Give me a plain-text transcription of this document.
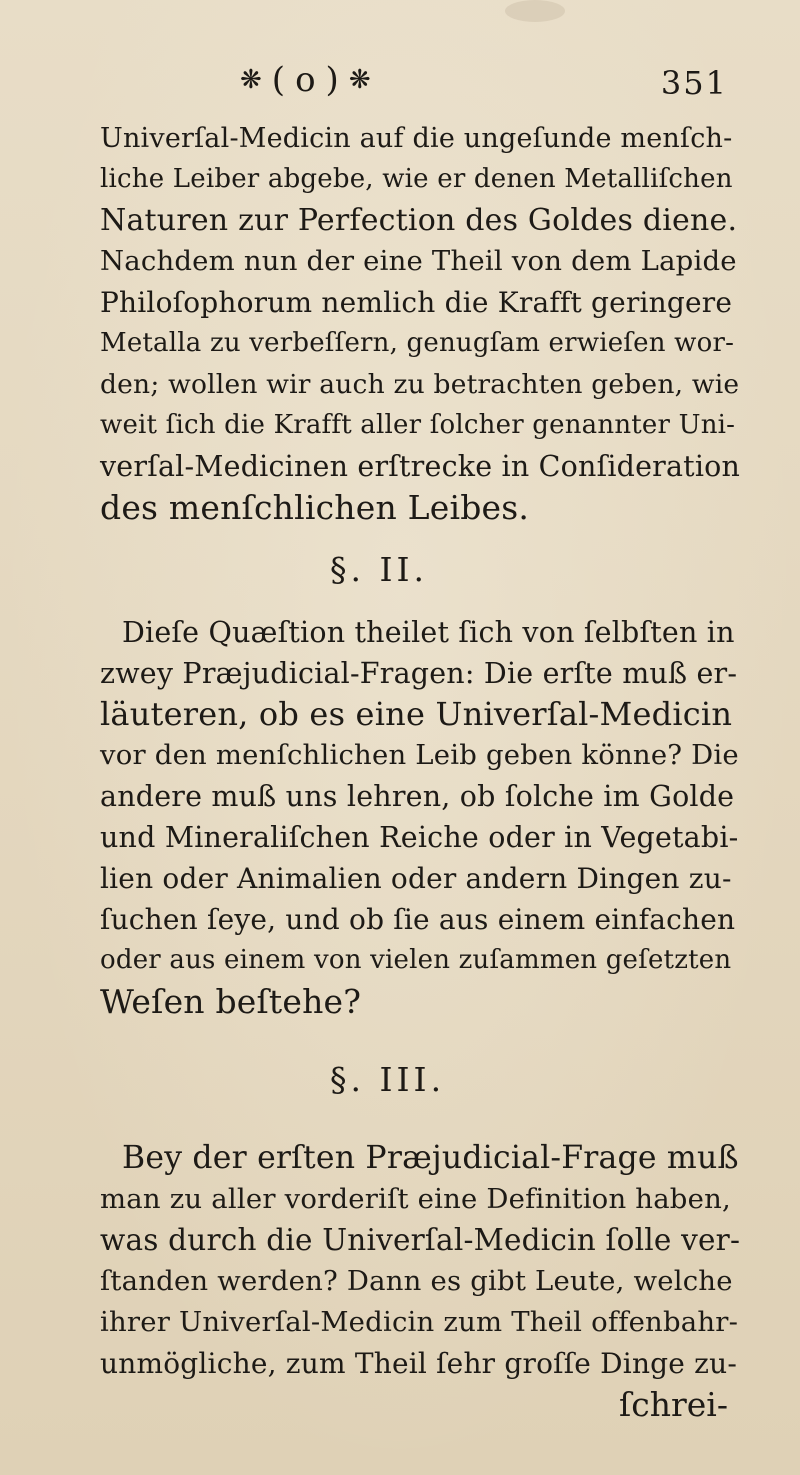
❋ ( o ) ❋	351
Univerſal-Medicin auf die ungeſunde menſch-
liche Leiber abgebe, wie er denen Metalliſchen
Naturen zur Perfection des Goldes diene.
Nachdem nun der eine Theil von dem Lapide
Philoſophorum nemlich die Krafft geringere
Metalla zu verbeſſern, genugſam erwieſen wor-
den; wollen wir auch zu betrachten geben, wie
weit ſich die Krafft aller ſolcher genannter Uni-
verſal-Medicinen erſtrecke in Conſideration
des menſchlichen Leibes.
§. II.
Dieſe Quæſtion theilet ſich von ſelbſten in
zwey Præjudicial-Fragen: Die erſte muß er-
läuteren, ob es eine Univerſal-Medicin
vor den menſchlichen Leib geben könne? Die
andere muß uns lehren, ob ſolche im Golde
und Mineraliſchen Reiche oder in Vegetabi-
lien oder Animalien oder andern Dingen zu-
ſuchen ſeye, und ob ſie aus einem einfachen
oder aus einem von vielen zuſammen geſetzten
Weſen beſtehe?
§. III.
Bey der erſten Præjudicial-Frage muß
man zu aller vorderiſt eine Definition haben,
was durch die Univerſal-Medicin ſolle ver-
ſtanden werden? Dann es gibt Leute, welche
ihrer Univerſal-Medicin zum Theil offenbahr-
unmögliche, zum Theil ſehr groſſe Dinge zu-
ſchrei-
